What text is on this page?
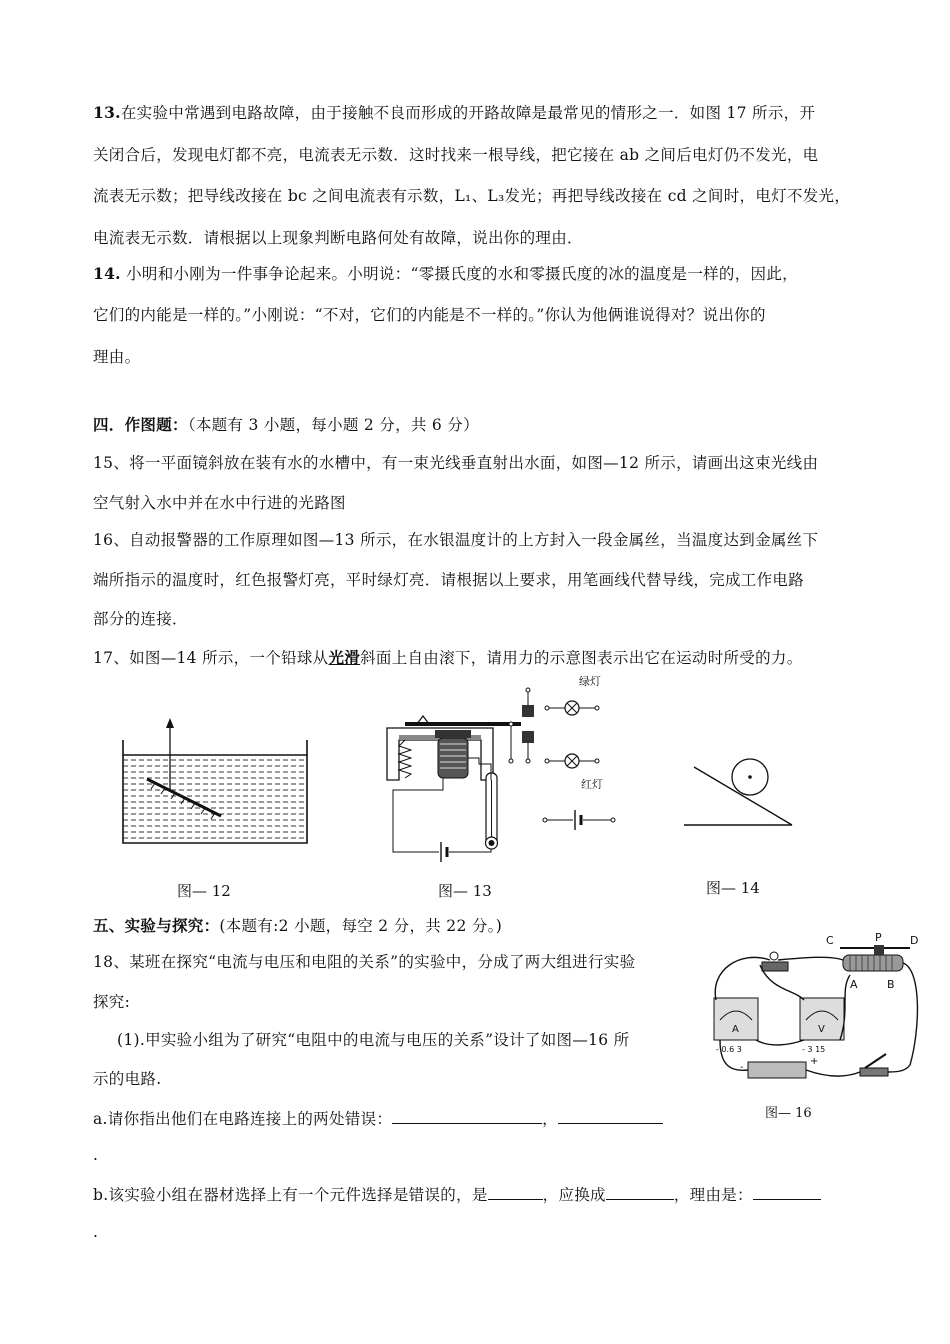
13.在实验中常遇到电路故障，由于接触不良而形成的开路故障是最常见的情形之一．如图 17 所示，开
关闭合后，发现电灯都不亮，电流表无示数．这时找来一根导线，把它接在 ab 之间后电灯仍不发光，电
流表无示数；把导线改接在 bc 之间电流表有示数，L₁、L₃发光；再把导线改接在 cd 之间时，电灯不发光，
电流表无示数．请根据以上现象判断电路何处有故障，说出你的理由．
14. 小明和小刚为一件事争论起来。小明说：“零摄氏度的水和零摄氏度的冰的温度是一样的，因此，
它们的内能是一样的。”小刚说：“不对，它们的内能是不一样的。”你认为他俩谁说得对？说出你的
理由。
四．作图题：（本题有 3 小题，每小题 2 分，共 6 分）
15、将一平面镜斜放在装有水的水槽中，有一束光线垂直射出水面，如图—12 所示，请画出这束光线由
空气射入水中并在水中行进的光路图
16、自动报警器的工作原理如图—13 所示，在水银温度计的上方封入一段金属丝，当温度达到金属丝下
端所指示的温度时，红色报警灯亮，平时绿灯亮．请根据以上要求，用笔画线代替导线，完成工作电路
部分的连接．
17、如图—14 所示，一个铅球从光滑斜面上自由滚下，请用力的示意图表示出它在运动时所受的力。
图— 12
绿灯
红灯
图— 13	图— 14
五、实验与探究：(本题有:2 小题，每空 2 分，共 22 分。)
18、某班在探究“电流与电压和电阻的关系”的实验中，分成了两大组进行实验
探究:
(1).甲实验小组为了研究“电阻中的电流与电压的关系”设计了如图—16 所
示的电路.
a.请你指出他们在电路连接上的两处错误：	，
.
b.该实验小组在器材选择上有一个元件选择是错误的，是	，应换成	，理由是：
.
C	P	D
A	B
A
- 0.6 3
V
- 3 15
-
+
图— 16
